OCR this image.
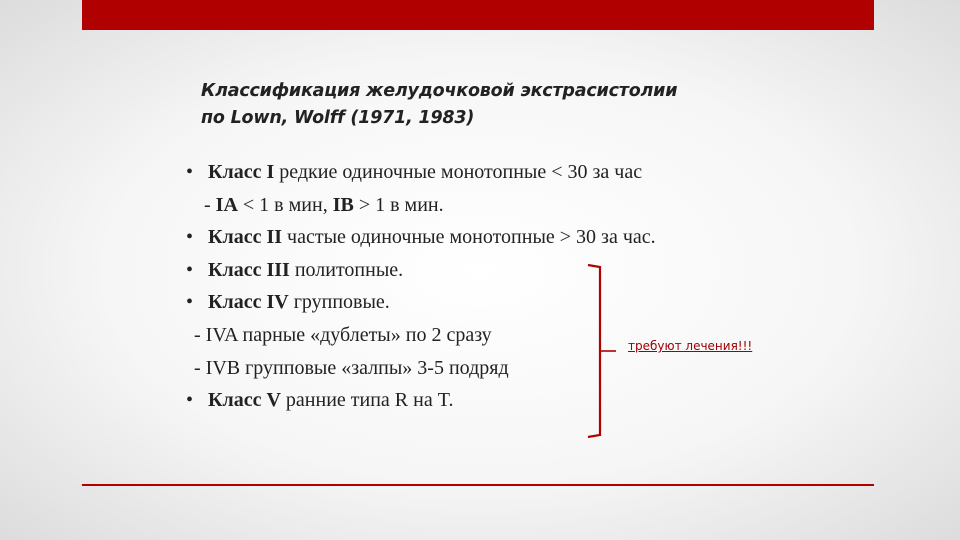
Классификация желудочковой экстрасистолии
по Lown, Wolff (1971, 1983)
• Класс I редкие одиночные монотопные < 30 за час
- IA < 1 в мин, IB > 1 в мин.
• Класс II частые одиночные монотопные > 30 за час.
• Класс III политопные.
• Класс IV групповые.
- IVA парные «дублеты» по 2 сразу
- IVB групповые «залпы» 3-5 подряд
• Класс V ранние типа R на T.
требуют лечения!!!
